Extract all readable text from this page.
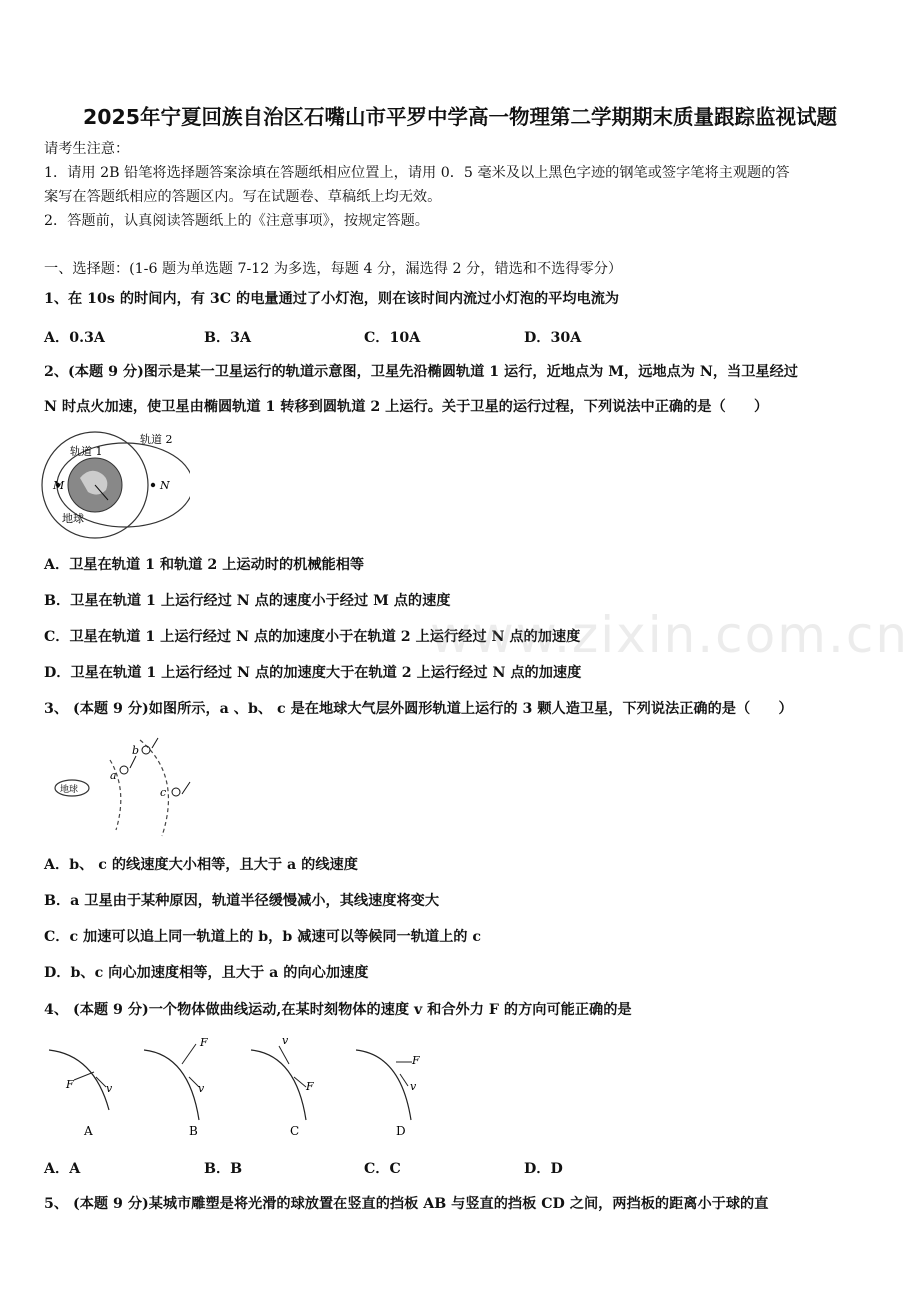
2025年宁夏回族自治区石嘴山市平罗中学高一物理第二学期期末质量跟踪监视试题
请考生注意：
1．请用 2B 铅笔将选择题答案涂填在答题纸相应位置上，请用 0．5 毫米及以上黑色字迹的钢笔或签字笔将主观题的答
案写在答题纸相应的答题区内。写在试题卷、草稿纸上均无效。
2．答题前，认真阅读答题纸上的《注意事项》，按规定答题。
一、选择题：(1-6 题为单选题 7-12 为多选，每题 4 分，漏选得 2 分，错选和不选得零分）
1、在 10s 的时间内，有 3C 的电量通过了小灯泡，则在该时间内流过小灯泡的平均电流为
A．0.3A	B．3A	C．10A	D．30A
2、(本题 9 分)图示是某一卫星运行的轨道示意图，卫星先沿椭圆轨道 1 运行，近地点为 M，远地点为 N，当卫星经过
N 时点火加速，使卫星由椭圆轨道 1 转移到圆轨道 2 上运行。关于卫星的运行过程，下列说法中正确的是（　　）
轨道 1
轨道 2
M	N
地球
A．卫星在轨道 1 和轨道 2 上运动时的机械能相等
B．卫星在轨道 1 上运行经过 N 点的速度小于经过 M 点的速度
C．卫星在轨道 1 上运行经过 N 点的加速度小于在轨道 2 上运行经过 N 点的加速度
D．卫星在轨道 1 上运行经过 N 点的加速度大于在轨道 2 上运行经过 N 点的加速度
3、 (本题 9 分)如图所示，a 、b、 c 是在地球大气层外圆形轨道上运行的 3 颗人造卫星，下列说法正确的是（　　）
地球
a
b
c
A．b、 c 的线速度大小相等，且大于 a 的线速度
B．a 卫星由于某种原因，轨道半径缓慢减小，其线速度将变大
C．c 加速可以追上同一轨道上的 b，b 减速可以等候同一轨道上的 c
D．b、c 向心加速度相等，且大于 a 的向心加速度
4、 (本题 9 分)一个物体做曲线运动,在某时刻物体的速度 v 和合外力 F 的方向可能正确的是
F	v
A
F
v
B
v
F
C
F
v
D
A．A	B．B	C．C	D．D
5、 (本题 9 分)某城市雕塑是将光滑的球放置在竖直的挡板 AB 与竖直的挡板 CD 之间，两挡板的距离小于球的直
www.zixin.com.cn
